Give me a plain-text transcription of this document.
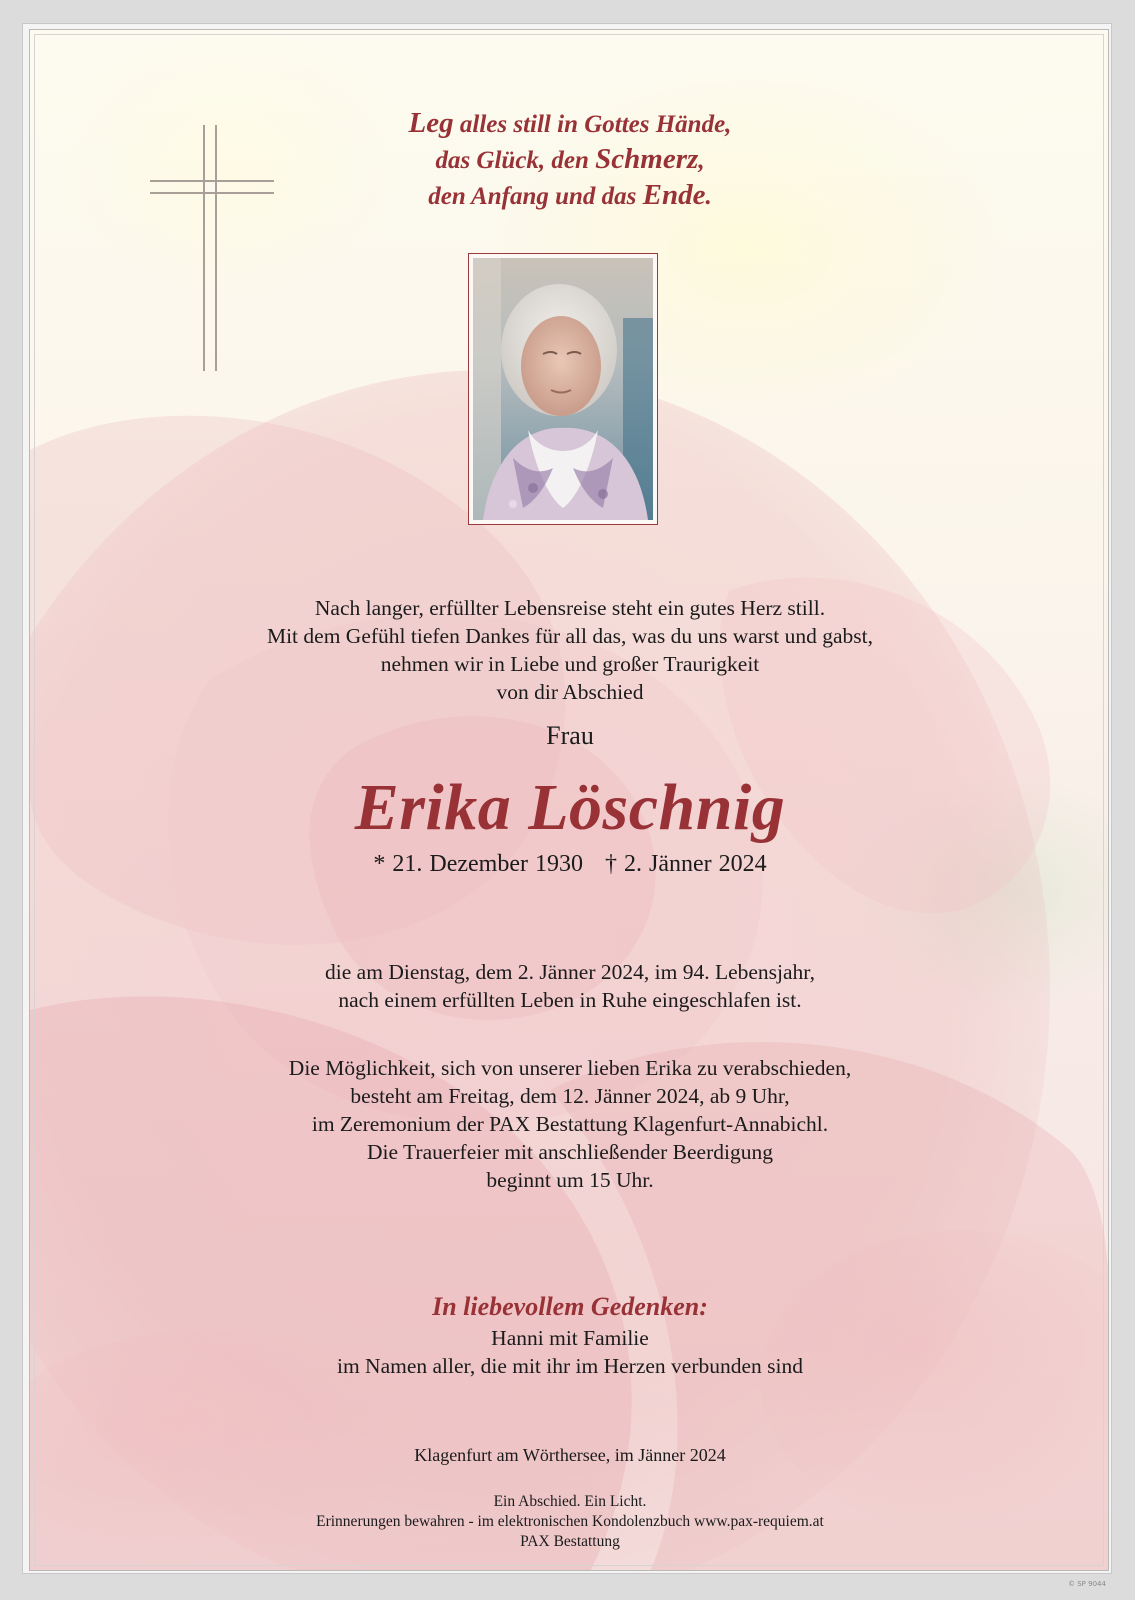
Leg alles still in Gottes Hände,
das Glück, den Schmerz,
den Anfang und das Ende.
Nach langer, erfüllter Lebensreise steht ein gutes Herz still.
Mit dem Gefühl tiefen Dankes für all das, was du uns warst und gabst,
nehmen wir in Liebe und großer Traurigkeit
von dir Abschied
Frau
Erika Löschnig
* 21. Dezember 1930 † 2. Jänner 2024
die am Dienstag, dem 2. Jänner 2024, im 94. Lebensjahr,
nach einem erfüllten Leben in Ruhe eingeschlafen ist.
Die Möglichkeit, sich von unserer lieben Erika zu verabschieden,
besteht am Freitag, dem 12. Jänner 2024, ab 9 Uhr,
im Zeremonium der PAX Bestattung Klagenfurt-Annabichl.
Die Trauerfeier mit anschließender Beerdigung
beginnt um 15 Uhr.
In liebevollem Gedenken:
Hanni mit Familie
im Namen aller, die mit ihr im Herzen verbunden sind
Klagenfurt am Wörthersee, im Jänner 2024
Ein Abschied. Ein Licht.
Erinnerungen bewahren - im elektronischen Kondolenzbuch www.pax-requiem.at
PAX Bestattung
© SP 9044
